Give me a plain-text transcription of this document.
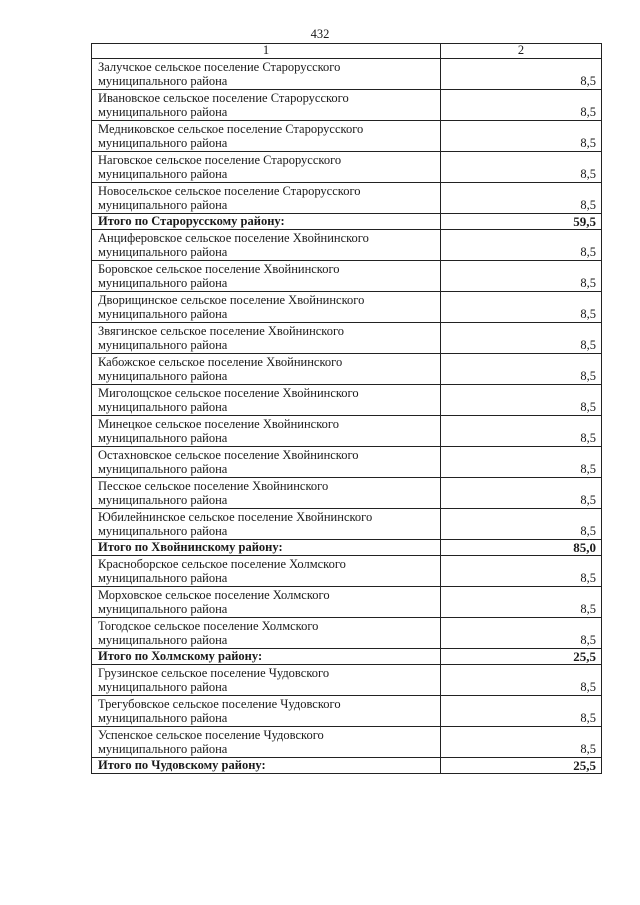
432
1	2

Залучское сельское поселение Старорусского
муниципального района	8,5

Ивановское сельское поселение Старорусского
муниципального района	8,5

Медниковское сельское поселение Старорусского
муниципального района	8,5

Наговское сельское поселение Старорусского
муниципального района	8,5

Новосельское сельское поселение Старорусского
муниципального района	8,5

Итого по Старорусскому району:	59,5

Анциферовское сельское поселение Хвойнинского
муниципального района	8,5

Боровское сельское поселение Хвойнинского
муниципального района	8,5

Дворищинское сельское поселение Хвойнинского
муниципального района	8,5

Звягинское сельское поселение Хвойнинского
муниципального района	8,5

Кабожское сельское поселение Хвойнинского
муниципального района	8,5

Миголощское сельское поселение Хвойнинского
муниципального района	8,5

Минецкое сельское поселение Хвойнинского
муниципального района	8,5

Остахновское сельское поселение Хвойнинского
муниципального района	8,5

Песское сельское поселение Хвойнинского
муниципального района	8,5

Юбилейнинское сельское поселение Хвойнинского
муниципального района	8,5

Итого по Хвойнинскому району:	85,0

Красноборское сельское поселение Холмского
муниципального района	8,5

Морховское сельское поселение Холмского
муниципального района	8,5

Тогодское сельское поселение Холмского
муниципального района	8,5

Итого по Холмскому району:	25,5

Грузинское сельское поселение Чудовского
муниципального района	8,5

Трегубовское сельское поселение Чудовского
муниципального района	8,5

Успенское сельское поселение Чудовского
муниципального района	8,5

Итого по Чудовскому району:	25,5
